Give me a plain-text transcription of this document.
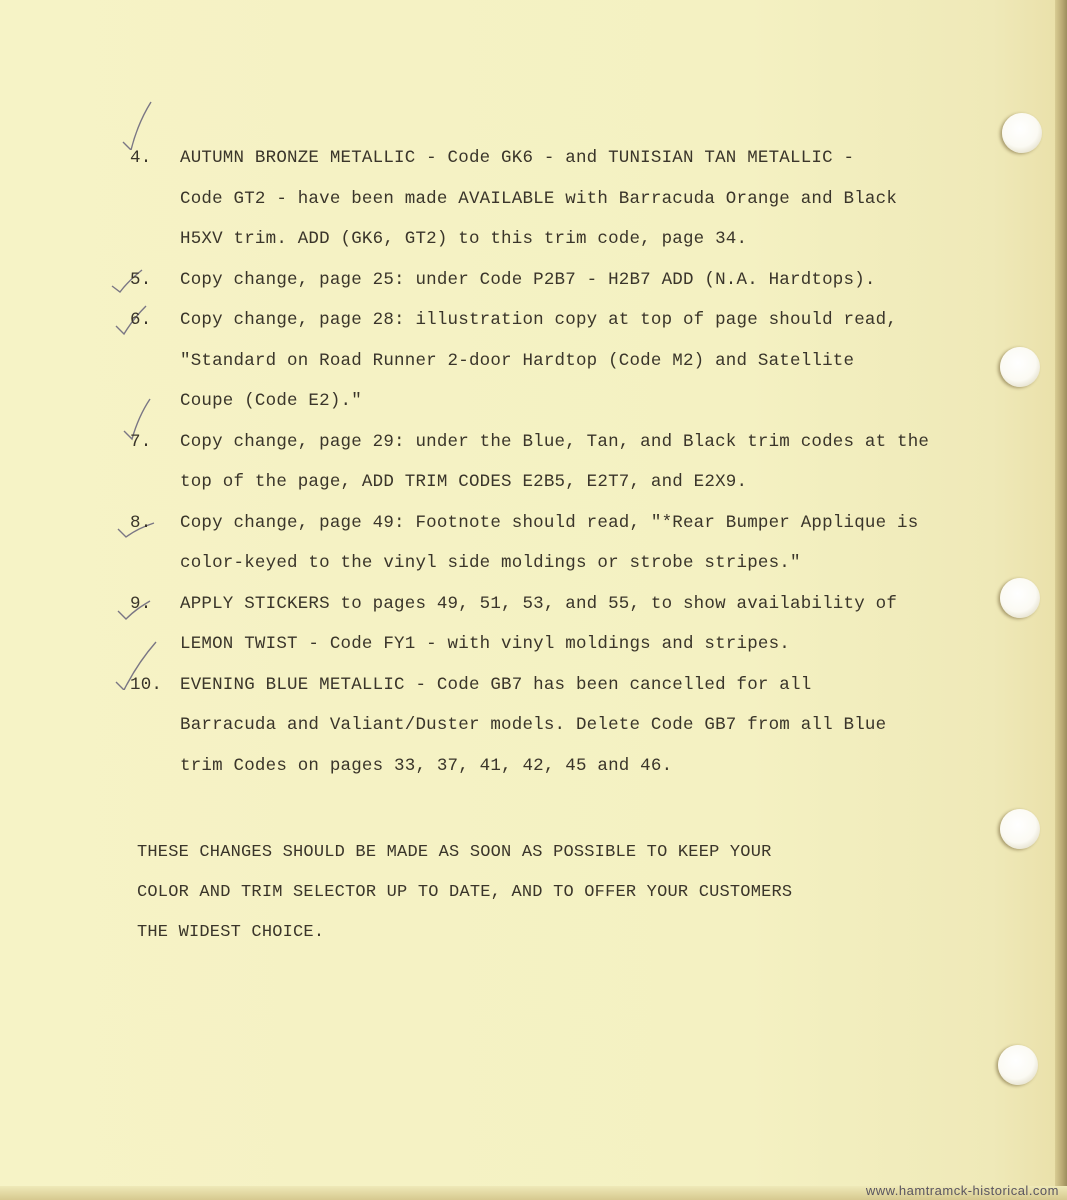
4.	AUTUMN BRONZE METALLIC - Code GK6 - and TUNISIAN TAN METALLIC -
Code GT2 - have been made AVAILABLE with Barracuda Orange and Black
H5XV trim. ADD (GK6, GT2) to this trim code, page 34.
5.	Copy change, page 25: under Code P2B7 - H2B7 ADD (N.A. Hardtops).
6.	Copy change, page 28: illustration copy at top of page should read,
"Standard on Road Runner 2-door Hardtop (Code M2) and Satellite
Coupe (Code E2)."
7.	Copy change, page 29: under the Blue, Tan, and Black trim codes at the
top of the page, ADD TRIM CODES E2B5, E2T7, and E2X9.
8.	Copy change, page 49: Footnote should read, "*Rear Bumper Applique is
color-keyed to the vinyl side moldings or strobe stripes."
9.	APPLY STICKERS to pages 49, 51, 53, and 55, to show availability of
LEMON TWIST - Code FY1 - with vinyl moldings and stripes.
10.	EVENING BLUE METALLIC - Code GB7 has been cancelled for all
Barracuda and Valiant/Duster models. Delete Code GB7 from all Blue
trim Codes on pages 33, 37, 41, 42, 45 and 46.
THESE CHANGES SHOULD BE MADE AS SOON AS POSSIBLE TO KEEP YOUR
COLOR AND TRIM SELECTOR UP TO DATE, AND TO OFFER YOUR CUSTOMERS
THE WIDEST CHOICE.
www.hamtramck-historical.com
